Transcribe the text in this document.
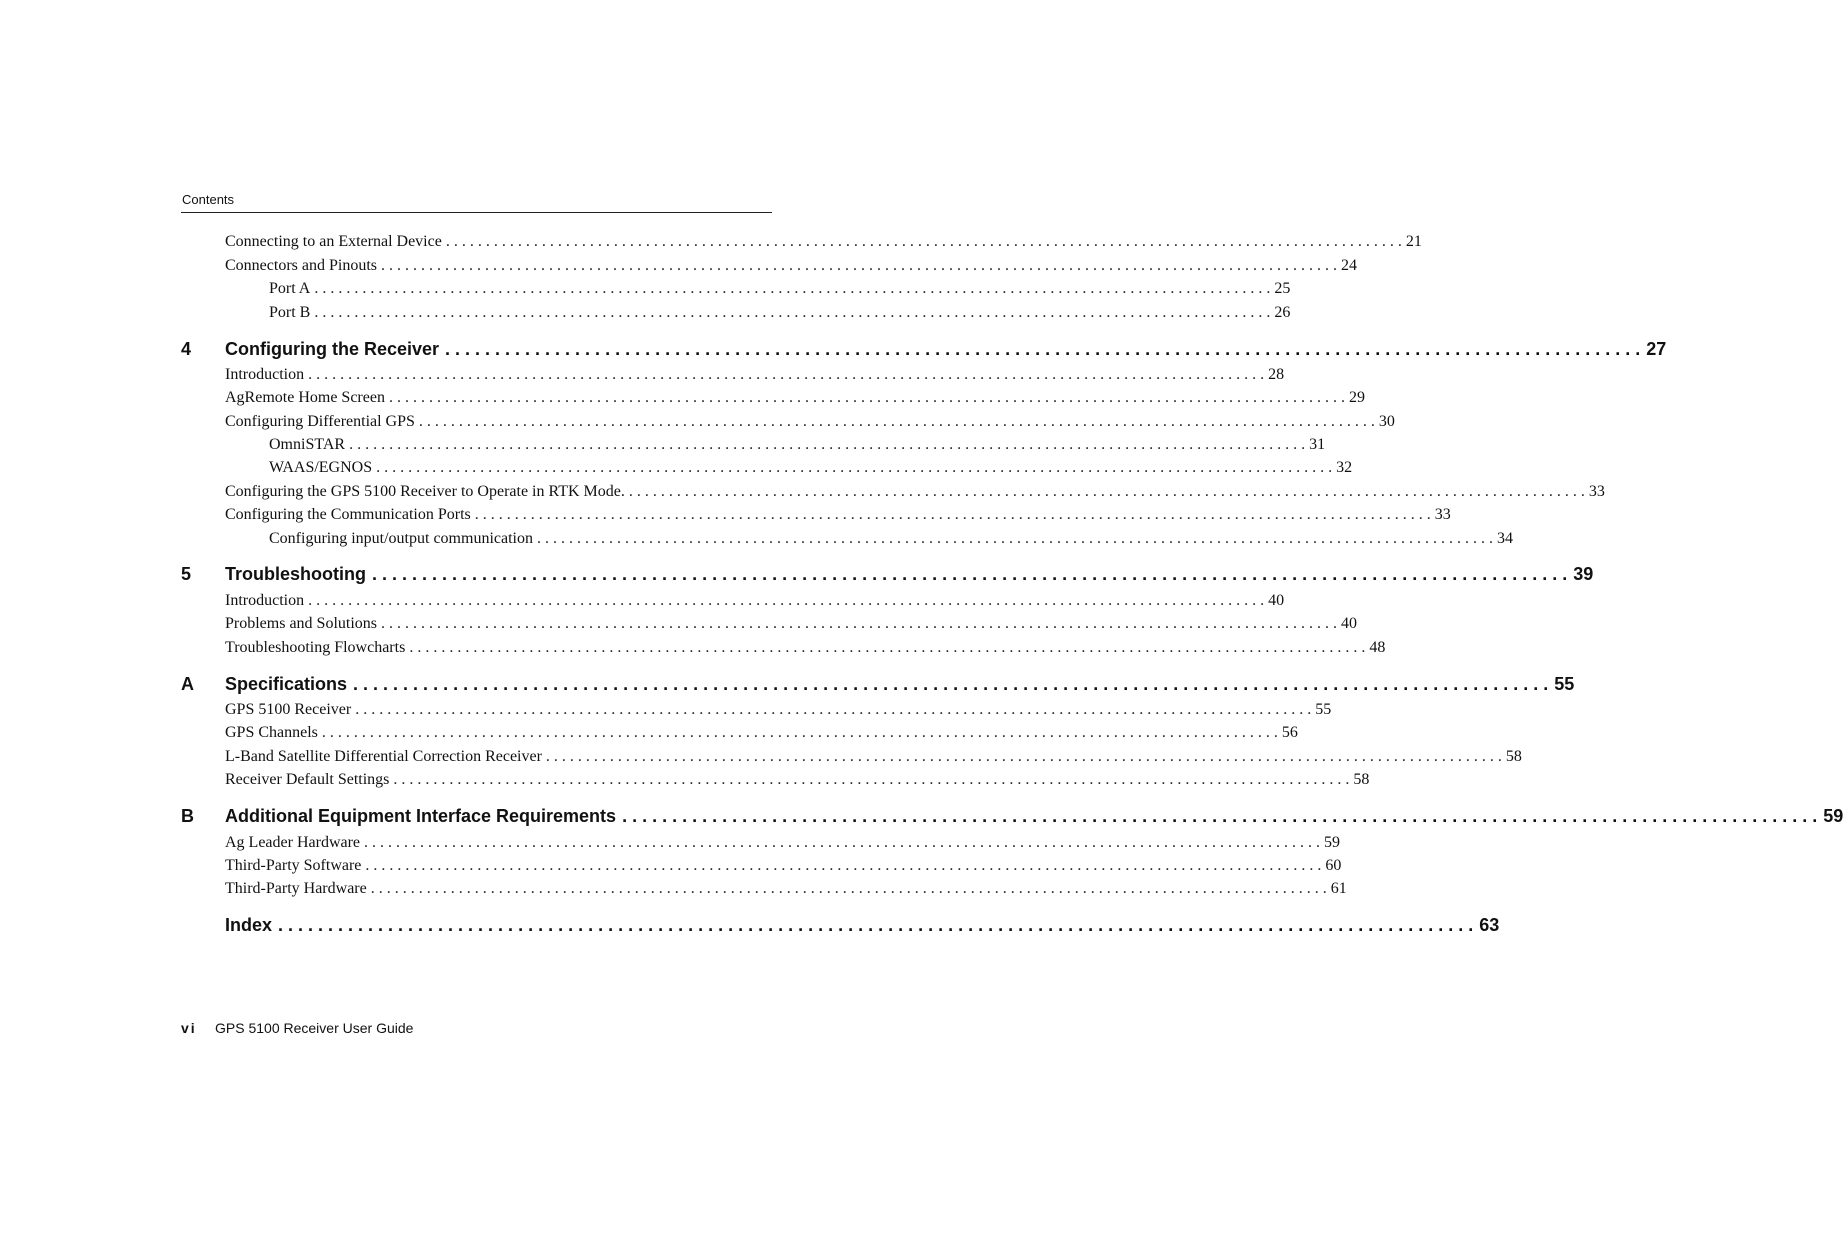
Contents
Connecting to an External Device . . . . . . . . . . . . . . . . . . . . . . . . . . . . . . . . . . . . . . . . . . . . . . . . . . . . . . . . . . . . . . . . . . . . . . . . . . . . . . . . . . . . . . . . . . . . . . . . . . . . . . . . . . . . . . . . . . . . . . . . 21
Connectors and Pinouts . . . . . . . . . . . . . . . . . . . . . . . . . . . . . . . . . . . . . . . . . . . . . . . . . . . . . . . . . . . . . . . . . . . . . . . . . . . . . . . . . . . . . . . . . . . . . . . . . . . . . . . . . . . . . . . . . . . . . . . . 24
Port A . . . . . . . . . . . . . . . . . . . . . . . . . . . . . . . . . . . . . . . . . . . . . . . . . . . . . . . . . . . . . . . . . . . . . . . . . . . . . . . . . . . . . . . . . . . . . . . . . . . . . . . . . . . . . . . . . . . . . . . . 25
Port B . . . . . . . . . . . . . . . . . . . . . . . . . . . . . . . . . . . . . . . . . . . . . . . . . . . . . . . . . . . . . . . . . . . . . . . . . . . . . . . . . . . . . . . . . . . . . . . . . . . . . . . . . . . . . . . . . . . . . . . . 26
4	Configuring the Receiver . . . . . . . . . . . . . . . . . . . . . . . . . . . . . . . . . . . . . . . . . . . . . . . . . . . . . . . . . . . . . . . . . . . . . . . . . . . . . . . . . . . . . . . . . . . . . . . . . . . . . . . . . . . . . . . . . . . . . . . . 27
Introduction . . . . . . . . . . . . . . . . . . . . . . . . . . . . . . . . . . . . . . . . . . . . . . . . . . . . . . . . . . . . . . . . . . . . . . . . . . . . . . . . . . . . . . . . . . . . . . . . . . . . . . . . . . . . . . . . . . . . . . . . 28
AgRemote Home Screen . . . . . . . . . . . . . . . . . . . . . . . . . . . . . . . . . . . . . . . . . . . . . . . . . . . . . . . . . . . . . . . . . . . . . . . . . . . . . . . . . . . . . . . . . . . . . . . . . . . . . . . . . . . . . . . . . . . . . . . . 29
Configuring Differential GPS . . . . . . . . . . . . . . . . . . . . . . . . . . . . . . . . . . . . . . . . . . . . . . . . . . . . . . . . . . . . . . . . . . . . . . . . . . . . . . . . . . . . . . . . . . . . . . . . . . . . . . . . . . . . . . . . . . . . . . . . 30
OmniSTAR . . . . . . . . . . . . . . . . . . . . . . . . . . . . . . . . . . . . . . . . . . . . . . . . . . . . . . . . . . . . . . . . . . . . . . . . . . . . . . . . . . . . . . . . . . . . . . . . . . . . . . . . . . . . . . . . . . . . . . . . 31
WAAS/EGNOS . . . . . . . . . . . . . . . . . . . . . . . . . . . . . . . . . . . . . . . . . . . . . . . . . . . . . . . . . . . . . . . . . . . . . . . . . . . . . . . . . . . . . . . . . . . . . . . . . . . . . . . . . . . . . . . . . . . . . . . . 32
Configuring the GPS 5100 Receiver to Operate in RTK Mode. . . . . . . . . . . . . . . . . . . . . . . . . . . . . . . . . . . . . . . . . . . . . . . . . . . . . . . . . . . . . . . . . . . . . . . . . . . . . . . . . . . . . . . . . . . . . . . . . . . . . . . . . . . . . . . . . . . . . . . . . 33
Configuring the Communication Ports . . . . . . . . . . . . . . . . . . . . . . . . . . . . . . . . . . . . . . . . . . . . . . . . . . . . . . . . . . . . . . . . . . . . . . . . . . . . . . . . . . . . . . . . . . . . . . . . . . . . . . . . . . . . . . . . . . . . . . . . 33
Configuring input/output communication . . . . . . . . . . . . . . . . . . . . . . . . . . . . . . . . . . . . . . . . . . . . . . . . . . . . . . . . . . . . . . . . . . . . . . . . . . . . . . . . . . . . . . . . . . . . . . . . . . . . . . . . . . . . . . . . . . . . . . . . 34
5	Troubleshooting . . . . . . . . . . . . . . . . . . . . . . . . . . . . . . . . . . . . . . . . . . . . . . . . . . . . . . . . . . . . . . . . . . . . . . . . . . . . . . . . . . . . . . . . . . . . . . . . . . . . . . . . . . . . . . . . . . . . . . . . 39
Introduction . . . . . . . . . . . . . . . . . . . . . . . . . . . . . . . . . . . . . . . . . . . . . . . . . . . . . . . . . . . . . . . . . . . . . . . . . . . . . . . . . . . . . . . . . . . . . . . . . . . . . . . . . . . . . . . . . . . . . . . . 40
Problems and Solutions . . . . . . . . . . . . . . . . . . . . . . . . . . . . . . . . . . . . . . . . . . . . . . . . . . . . . . . . . . . . . . . . . . . . . . . . . . . . . . . . . . . . . . . . . . . . . . . . . . . . . . . . . . . . . . . . . . . . . . . . 40
Troubleshooting Flowcharts . . . . . . . . . . . . . . . . . . . . . . . . . . . . . . . . . . . . . . . . . . . . . . . . . . . . . . . . . . . . . . . . . . . . . . . . . . . . . . . . . . . . . . . . . . . . . . . . . . . . . . . . . . . . . . . . . . . . . . . . 48
A	Specifications . . . . . . . . . . . . . . . . . . . . . . . . . . . . . . . . . . . . . . . . . . . . . . . . . . . . . . . . . . . . . . . . . . . . . . . . . . . . . . . . . . . . . . . . . . . . . . . . . . . . . . . . . . . . . . . . . . . . . . . . 55
GPS 5100 Receiver . . . . . . . . . . . . . . . . . . . . . . . . . . . . . . . . . . . . . . . . . . . . . . . . . . . . . . . . . . . . . . . . . . . . . . . . . . . . . . . . . . . . . . . . . . . . . . . . . . . . . . . . . . . . . . . . . . . . . . . . 55
GPS Channels . . . . . . . . . . . . . . . . . . . . . . . . . . . . . . . . . . . . . . . . . . . . . . . . . . . . . . . . . . . . . . . . . . . . . . . . . . . . . . . . . . . . . . . . . . . . . . . . . . . . . . . . . . . . . . . . . . . . . . . . 56
L-Band Satellite Differential Correction Receiver . . . . . . . . . . . . . . . . . . . . . . . . . . . . . . . . . . . . . . . . . . . . . . . . . . . . . . . . . . . . . . . . . . . . . . . . . . . . . . . . . . . . . . . . . . . . . . . . . . . . . . . . . . . . . . . . . . . . . . . . 58
Receiver Default Settings . . . . . . . . . . . . . . . . . . . . . . . . . . . . . . . . . . . . . . . . . . . . . . . . . . . . . . . . . . . . . . . . . . . . . . . . . . . . . . . . . . . . . . . . . . . . . . . . . . . . . . . . . . . . . . . . . . . . . . . . 58
B	Additional Equipment Interface Requirements . . . . . . . . . . . . . . . . . . . . . . . . . . . . . . . . . . . . . . . . . . . . . . . . . . . . . . . . . . . . . . . . . . . . . . . . . . . . . . . . . . . . . . . . . . . . . . . . . . . . . . . . . . . . . . . . . . . . . . . . 59
Ag Leader Hardware . . . . . . . . . . . . . . . . . . . . . . . . . . . . . . . . . . . . . . . . . . . . . . . . . . . . . . . . . . . . . . . . . . . . . . . . . . . . . . . . . . . . . . . . . . . . . . . . . . . . . . . . . . . . . . . . . . . . . . . . 59
Third-Party Software . . . . . . . . . . . . . . . . . . . . . . . . . . . . . . . . . . . . . . . . . . . . . . . . . . . . . . . . . . . . . . . . . . . . . . . . . . . . . . . . . . . . . . . . . . . . . . . . . . . . . . . . . . . . . . . . . . . . . . . . 60
Third-Party Hardware . . . . . . . . . . . . . . . . . . . . . . . . . . . . . . . . . . . . . . . . . . . . . . . . . . . . . . . . . . . . . . . . . . . . . . . . . . . . . . . . . . . . . . . . . . . . . . . . . . . . . . . . . . . . . . . . . . . . . . . . 61
Index . . . . . . . . . . . . . . . . . . . . . . . . . . . . . . . . . . . . . . . . . . . . . . . . . . . . . . . . . . . . . . . . . . . . . . . . . . . . . . . . . . . . . . . . . . . . . . . . . . . . . . . . . . . . . . . . . . . . . . . . 63
vi	GPS 5100 Receiver User Guide
